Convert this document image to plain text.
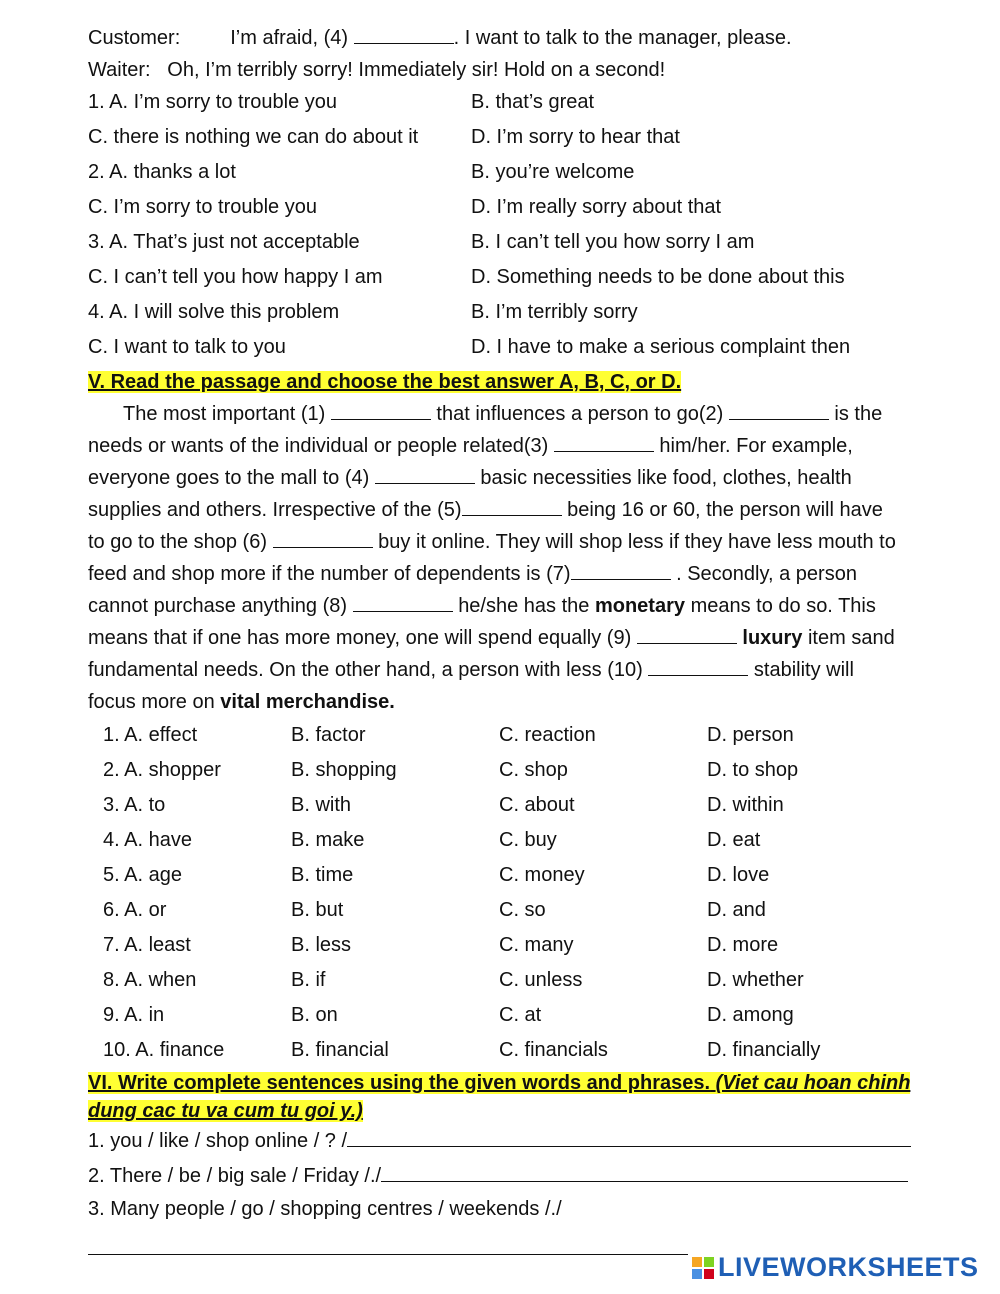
Customer:	I’m afraid, (4)	. I want to talk to the manager, please.
Waiter: Oh, I’m terribly sorry! Immediately sir! Hold on a second!
1. A. I’m sorry to trouble you	B. that’s great
C. there is nothing we can do about it	D. I’m sorry to hear that
2. A. thanks a lot	B. you’re welcome
C. I’m sorry to trouble you	D. I’m really sorry about that
3. A. That’s just not acceptable	B. I can’t tell you how sorry I am
C. I can’t tell you how happy I am	D. Something needs to be done about this
4. A. I will solve this problem	B. I’m terribly sorry
C. I want to talk to you	D. I have to make a serious complaint then
V. Read the passage and choose the best answer A, B, C, or D.
The most important (1)	that influences a person to go(2)	is the
needs or wants of the individual or people related(3)	him/her. For example,
everyone goes to the mall to (4)	basic necessities like food, clothes, health
supplies and others. Irrespective of the (5)	being 16 or 60, the person will have
to go to the shop (6)	buy it online. They will shop less if they have less mouth to
feed and shop more if the number of dependents is (7)	. Secondly, a person
cannot purchase anything (8)	he/she has the monetary means to do so. This
means that if one has more money, one will spend equally (9)	luxury item sand
fundamental needs. On the other hand, a person with less (10)	stability will
focus more on vital merchandise.
1. A. effect	B. factor	C. reaction	D. person
2. A. shopper	B. shopping	C. shop	D. to shop
3. A. to	B. with	C. about	D. within
4. A. have	B. make	C. buy	D. eat
5. A. age	B. time	C. money	D. love
6. A. or	B. but	C. so	D. and
7. A. least	B. less	C. many	D. more
8. A. when	B. if	C. unless	D. whether
9. A. in	B. on	C. at	D. among
10. A. finance	B. financial	C. financials	D. financially
VI. Write complete sentences using the given words and phrases. (Viet cau hoan chinh
dung cac tu va cum tu goi y.)
1. you / like / shop online / ? /
2. There / be / big sale / Friday /./
3. Many people / go / shopping centres / weekends /./
LIVEWORKSHEETS
